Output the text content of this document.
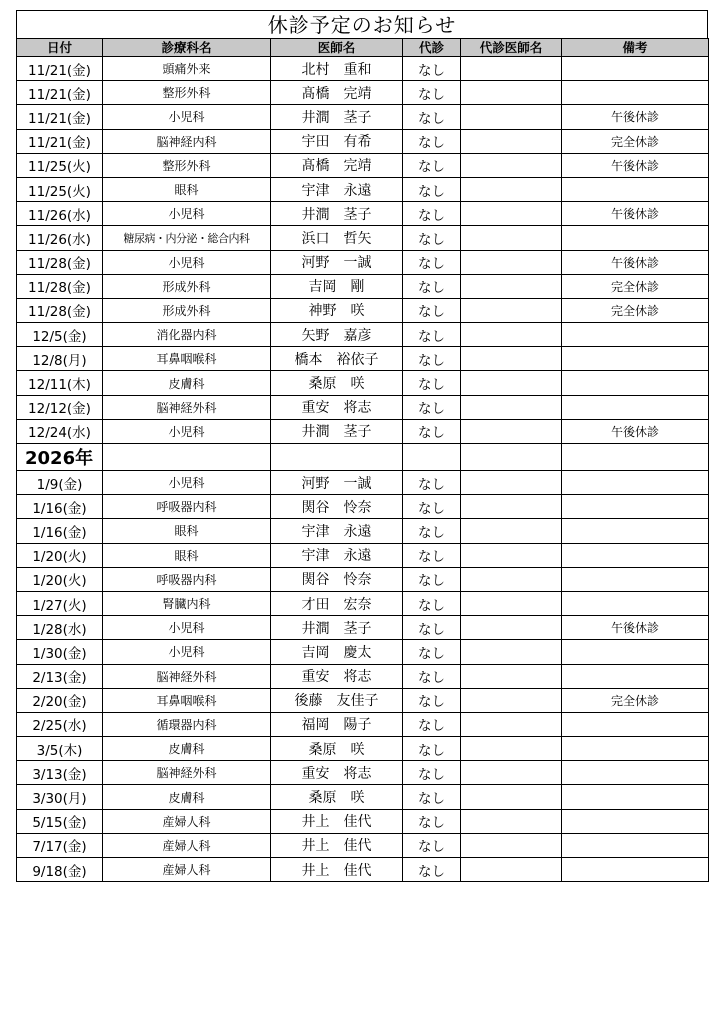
休診予定のお知らせ
日付	診療科名	医師名	代診	代診医師名	備考
11/21(金)	頭痛外来	北村　重和	なし		
11/21(金)	整形外科	髙橋　完靖	なし		
11/21(金)	小児科	井澗　茎子	なし		午後休診
11/21(金)	脳神経内科	宇田　有希	なし		完全休診
11/25(火)	整形外科	髙橋　完靖	なし		午後休診
11/25(火)	眼科	宇津　永遠	なし		
11/26(水)	小児科	井澗　茎子	なし		午後休診
11/26(水)	糖尿病・内分泌・総合内科	浜口　哲矢	なし		
11/28(金)	小児科	河野　一誠	なし		午後休診
11/28(金)	形成外科	吉岡　剛	なし		完全休診
11/28(金)	形成外科	神野　咲	なし		完全休診
12/5(金)	消化器内科	矢野　嘉彦	なし		
12/8(月)	耳鼻咽喉科	橋本　裕依子	なし		
12/11(木)	皮膚科	桑原　咲	なし		
12/12(金)	脳神経外科	重安　将志	なし		
12/24(水)	小児科	井澗　茎子	なし		午後休診
2026年					
1/9(金)	小児科	河野　一誠	なし		
1/16(金)	呼吸器内科	関谷　怜奈	なし		
1/16(金)	眼科	宇津　永遠	なし		
1/20(火)	眼科	宇津　永遠	なし		
1/20(火)	呼吸器内科	関谷　怜奈	なし		
1/27(火)	腎臓内科	才田　宏奈	なし		
1/28(水)	小児科	井澗　茎子	なし		午後休診
1/30(金)	小児科	吉岡　慶太	なし		
2/13(金)	脳神経外科	重安　将志	なし		
2/20(金)	耳鼻咽喉科	後藤　友佳子	なし		完全休診
2/25(水)	循環器内科	福岡　陽子	なし		
3/5(木)	皮膚科	桑原　咲	なし		
3/13(金)	脳神経外科	重安　将志	なし		
3/30(月)	皮膚科	桑原　咲	なし		
5/15(金)	産婦人科	井上　佳代	なし		
7/17(金)	産婦人科	井上　佳代	なし		
9/18(金)	産婦人科	井上　佳代	なし		
